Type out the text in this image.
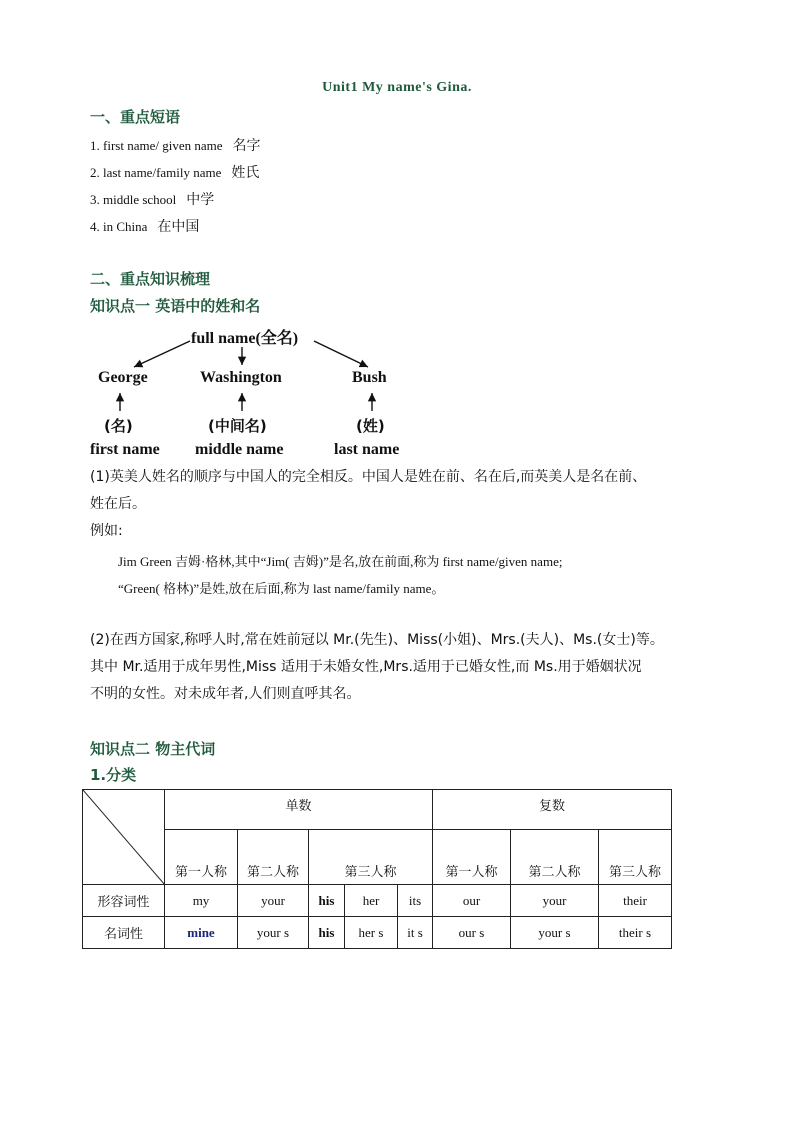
Unit1 My name's Gina.
一、重点短语
1. first name/ given name 名字
2. last name/family name 姓氏
3. middle school 中学
4. in China 在中国
二、重点知识梳理
知识点一 英语中的姓和名
full name(全名)
George	Washington	Bush
(名)	(中间名)	(姓)
first name middle name	last name
(1)英美人姓名的顺序与中国人的完全相反。中国人是姓在前、名在后,而英美人是名在前、
姓在后。
例如:
Jim Green 吉姆·格林,其中“Jim( 吉姆)”是名,放在前面,称为 first name/given name;
“Green( 格林)”是姓,放在后面,称为 last name/family name。
(2)在西方国家,称呼人时,常在姓前冠以 Mr.(先生)、Miss(小姐)、Mrs.(夫人)、Ms.(女士)等。
其中 Mr.适用于成年男性,Miss 适用于未婚女性,Mrs.适用于已婚女性,而 Ms.用于婚姻状况
不明的女性。对未成年者,人们则直呼其名。
知识点二 物主代词
1.分类
	单数					复数		
	第一人称	第二人称	第三人称			第一人称	第二人称	第三人称
形容词性	my	your	his	her	its	our	your	their
名词性	mine	your s	his	her s	it s	our s	your s	their s
